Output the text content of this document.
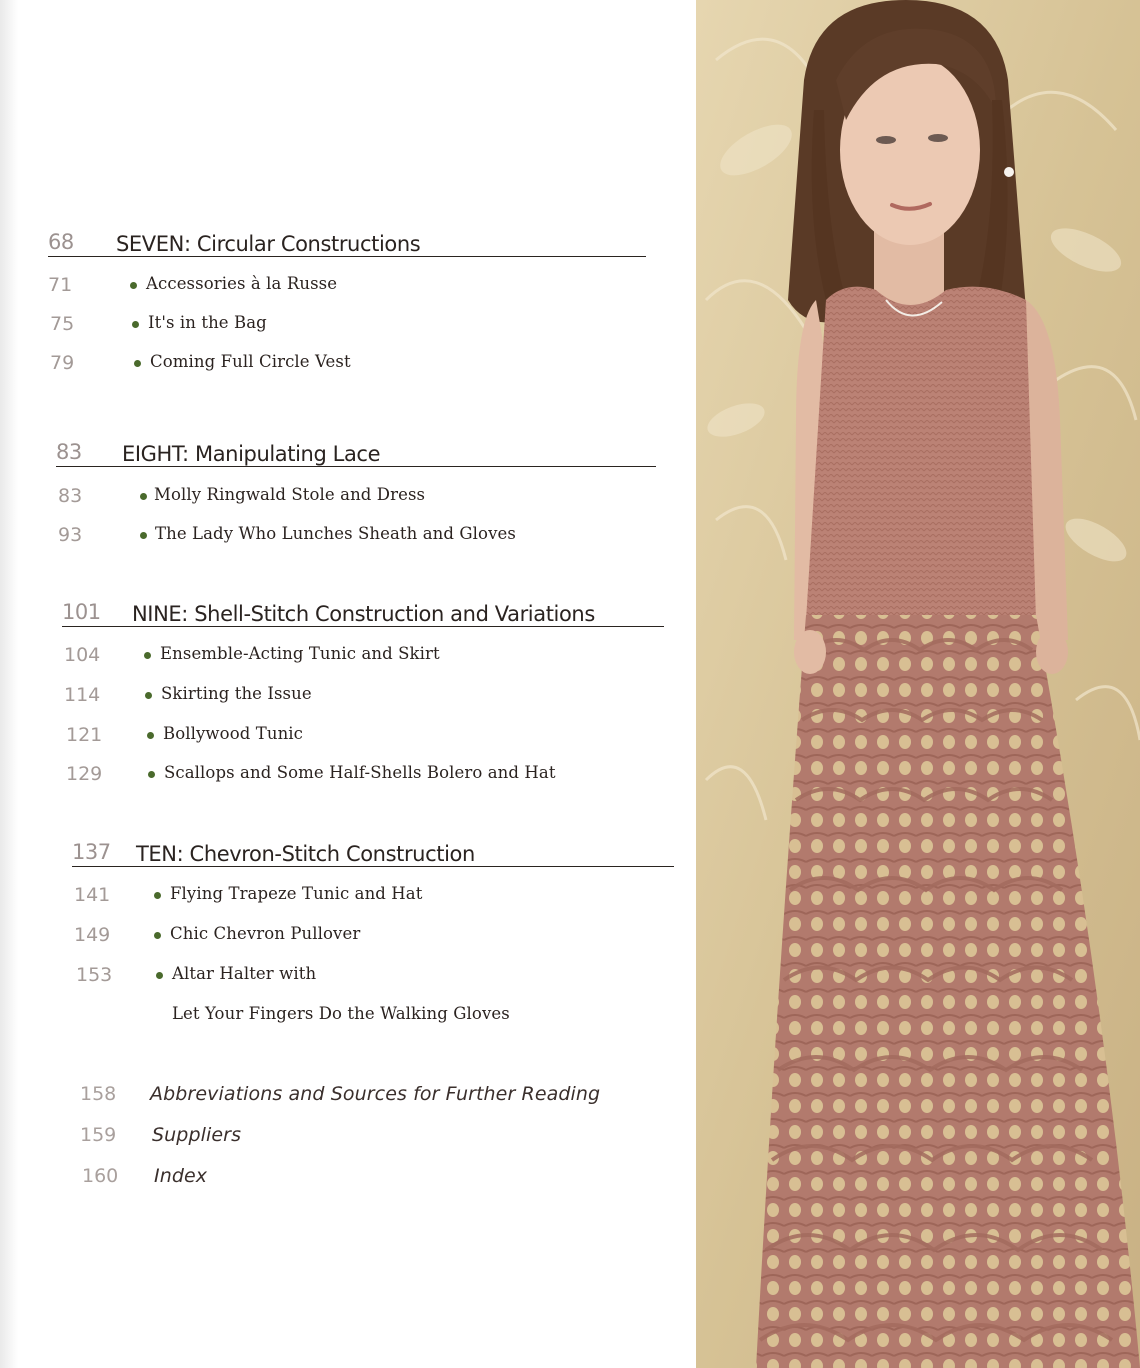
68 SEVEN: Circular Constructions
71	Accessories à la Russe
75	It's in the Bag
79	Coming Full Circle Vest
83 EIGHT: Manipulating Lace
83	Molly Ringwald Stole and Dress
93	The Lady Who Lunches Sheath and Gloves
101 NINE: Shell-Stitch Construction and Variations
104	Ensemble-Acting Tunic and Skirt
114	Skirting the Issue
121	Bollywood Tunic
129	Scallops and Some Half-Shells Bolero and Hat
137 TEN: Chevron-Stitch Construction
141	Flying Trapeze Tunic and Hat
149	Chic Chevron Pullover
153	Altar Halter with
Let Your Fingers Do the Walking Gloves
158 Abbreviations and Sources for Further Reading
159 Suppliers
160 Index
